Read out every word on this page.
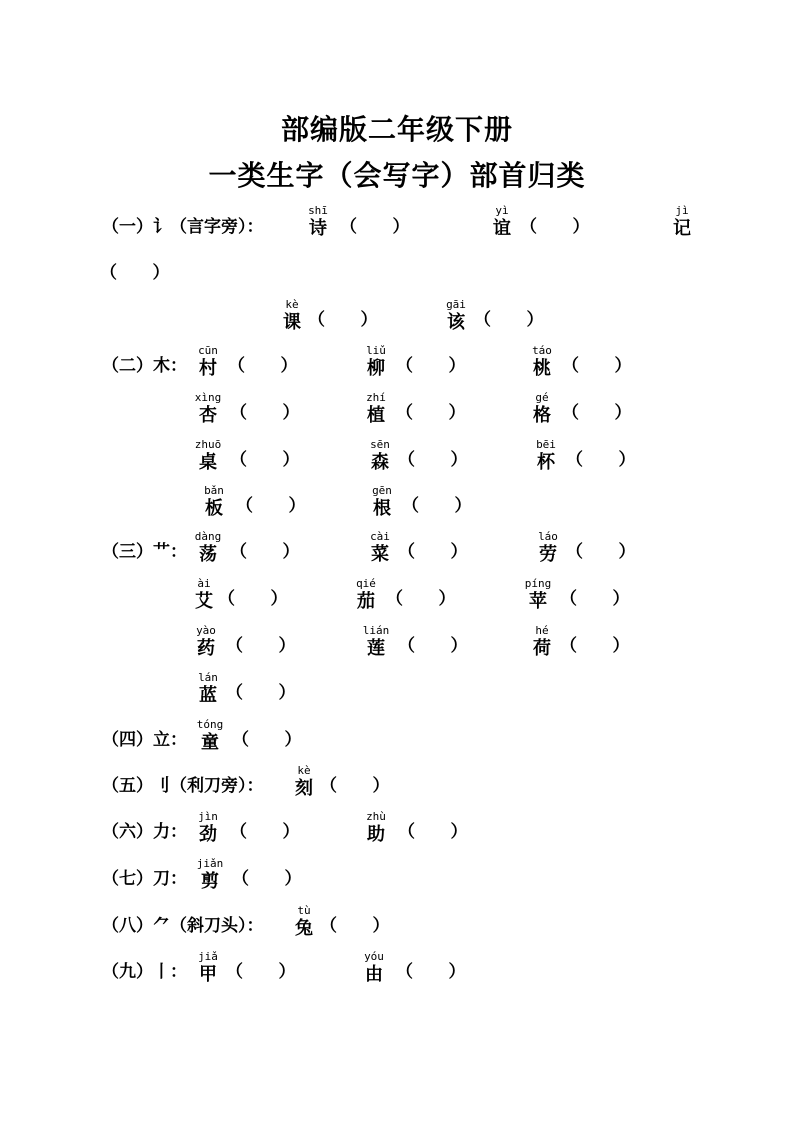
部编版二年级下册
一类生字（会写字）部首归类
（一）讠（言字旁）：
（二）木：
（三）艹：
（四）立：
（五）刂（利刀旁）：
（六）力：
（七）刀：
（八）⺈（斜刀头）：
（九）丨：
shī
诗 （      ）
yì
谊 （      ）
jì
记
（      ）
kè
课 （      ）
gāi
该 （      ）
cūn
村 （      ）
liǔ
柳 （      ）
táo
桃 （      ）
xìng
杏 （      ）
zhí
植 （      ）
gé
格 （      ）
zhuō
桌 （      ）
sēn
森 （      ）
bēi
杯 （      ）
bǎn
板 （      ）
gēn
根 （      ）
dàng
荡 （      ）
cài
菜 （      ）
láo
劳 （      ）
ài
艾 （      ）
qié
茄 （      ）
píng
苹 （      ）
yào
药 （      ）
lián
莲 （      ）
hé
荷 （      ）
lán
蓝 （      ）
tóng
童 （      ）
kè
刻 （      ）
jìn
劲 （      ）
zhù
助 （      ）
jiǎn
剪 （      ）
tù
兔 （      ）
jiǎ
甲 （      ）
yóu
由 （      ）
